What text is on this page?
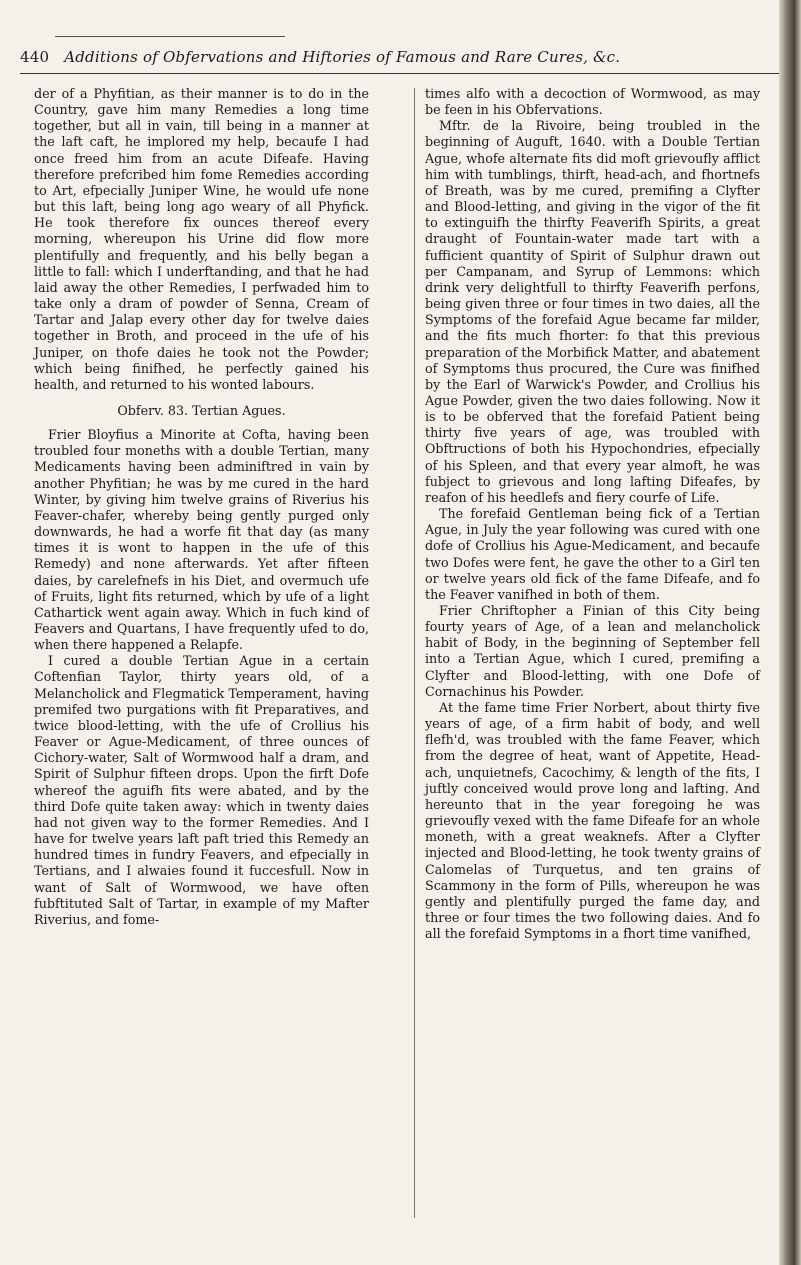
440 Additions of Obfervations and Hiftories of Famous and Rare Cures, &c.

der of a Phyfitian, as their manner is to do in the Country, gave him many Remedies a long time together, but all in vain, till being in a manner at the laft caft, he implored my help, becaufe I had once freed him from an acute Difeafe. Having therefore prefcribed him fome Remedies according to Art, efpecially Juniper Wine, he would ufe none but this laft, being long ago weary of all Phyfick. He took therefore fix ounces thereof every morning, whereupon his Urine did flow more plentifully and frequently, and his belly began a little to fall: which I underftanding, and that he had laid away the other Remedies, I perfwaded him to take only a dram of powder of Senna, Cream of Tartar and Jalap every other day for twelve daies together in Broth, and proceed in the ufe of his Juniper, on thofe daies he took not the Powder; which being finifhed, he perfectly gained his health, and returned to his wonted labours.

Obferv. 83. Tertian Agues.

Frier Bloyfius a Minorite at Cofta, having been troubled four moneths with a double Tertian, many Medicaments having been adminiftred in vain by another Phyfitian; he was by me cured in the hard Winter, by giving him twelve grains of Riverius his Feaver-chafer, whereby being gently purged only downwards, he had a worfe fit that day (as many times it is wont to happen in the ufe of this Remedy) and none afterwards. Yet after fifteen daies, by carelefnefs in his Diet, and overmuch ufe of Fruits, light fits returned, which by ufe of a light Cathartick went again away. Which in fuch kind of Feavers and Quartans, I have frequently ufed to do, when there happened a Relapfe.

I cured a double Tertian Ague in a certain Coftenfian Taylor, thirty years old, of a Melancholick and Flegmatick Temperament, having premifed two purgations with fit Preparatives, and twice blood-letting, with the ufe of Crollius his Feaver or Ague-Medicament, of three ounces of Cichory-water, Salt of Wormwood half a dram, and Spirit of Sulphur fifteen drops. Upon the firft Dofe whereof the aguifh fits were abated, and by the third Dofe quite taken away: which in twenty daies had not given way to the former Remedies. And I have for twelve years laft paft tried this Remedy an hundred times in fundry Feavers, and efpecially in Tertians, and I alwaies found it fuccesfull. Now in want of Salt of Wormwood, we have often fubftituted Salt of Tartar, in example of my Mafter Riverius, and fome-

times alfo with a decoction of Wormwood, as may be feen in his Obfervations.

Mftr. de la Rivoire, being troubled in the beginning of Auguft, 1640. with a Double Tertian Ague, whofe alternate fits did moft grievoufly afflict him with tumblings, thirft, head-ach, and fhortnefs of Breath, was by me cured, premifing a Clyfter and Blood-letting, and giving in the vigor of the fit to extinguifh the thirfty Feaverifh Spirits, a great draught of Fountain-water made tart with a fufficient quantity of Spirit of Sulphur drawn out per Campanam, and Syrup of Lemmons: which drink very delightfull to thirfty Feaverifh perfons, being given three or four times in two daies, all the Symptoms of the forefaid Ague became far milder, and the fits much fhorter: fo that this previous preparation of the Morbifick Matter, and abatement of Symptoms thus procured, the Cure was finifhed by the Earl of Warwick's Powder, and Crollius his Ague Powder, given the two daies following. Now it is to be obferved that the forefaid Patient being thirty five years of age, was troubled with Obftructions of both his Hypochondries, efpecially of his Spleen, and that every year almoft, he was fubject to grievous and long lafting Difeafes, by reafon of his heedlefs and fiery courfe of Life.

The forefaid Gentleman being fick of a Tertian Ague, in July the year following was cured with one dofe of Crollius his Ague-Medicament, and becaufe two Dofes were fent, he gave the other to a Girl ten or twelve years old fick of the fame Difeafe, and fo the Feaver vanifhed in both of them.

Frier Chriftopher a Finian of this City being fourty years of Age, of a lean and melancholick habit of Body, in the beginning of September fell into a Tertian Ague, which I cured, premifing a Clyfter and Blood-letting, with one Dofe of Cornachinus his Powder.

At the fame time Frier Norbert, about thirty five years of age, of a firm habit of body, and well flefh'd, was troubled with the fame Feaver, which from the degree of heat, want of Appetite, Head-ach, unquietnefs, Cacochimy, & length of the fits, I juftly conceived would prove long and lafting. And hereunto that in the year foregoing he was grievoufly vexed with the fame Difeafe for an whole moneth, with a great weaknefs. After a Clyfter injected and Blood-letting, he took twenty grains of Calomelas of Turquetus, and ten grains of Scammony in the form of Pills, whereupon he was gently and plentifully purged the fame day, and three or four times the two following daies. And fo all the forefaid Symptoms in a fhort time vanifhed,
